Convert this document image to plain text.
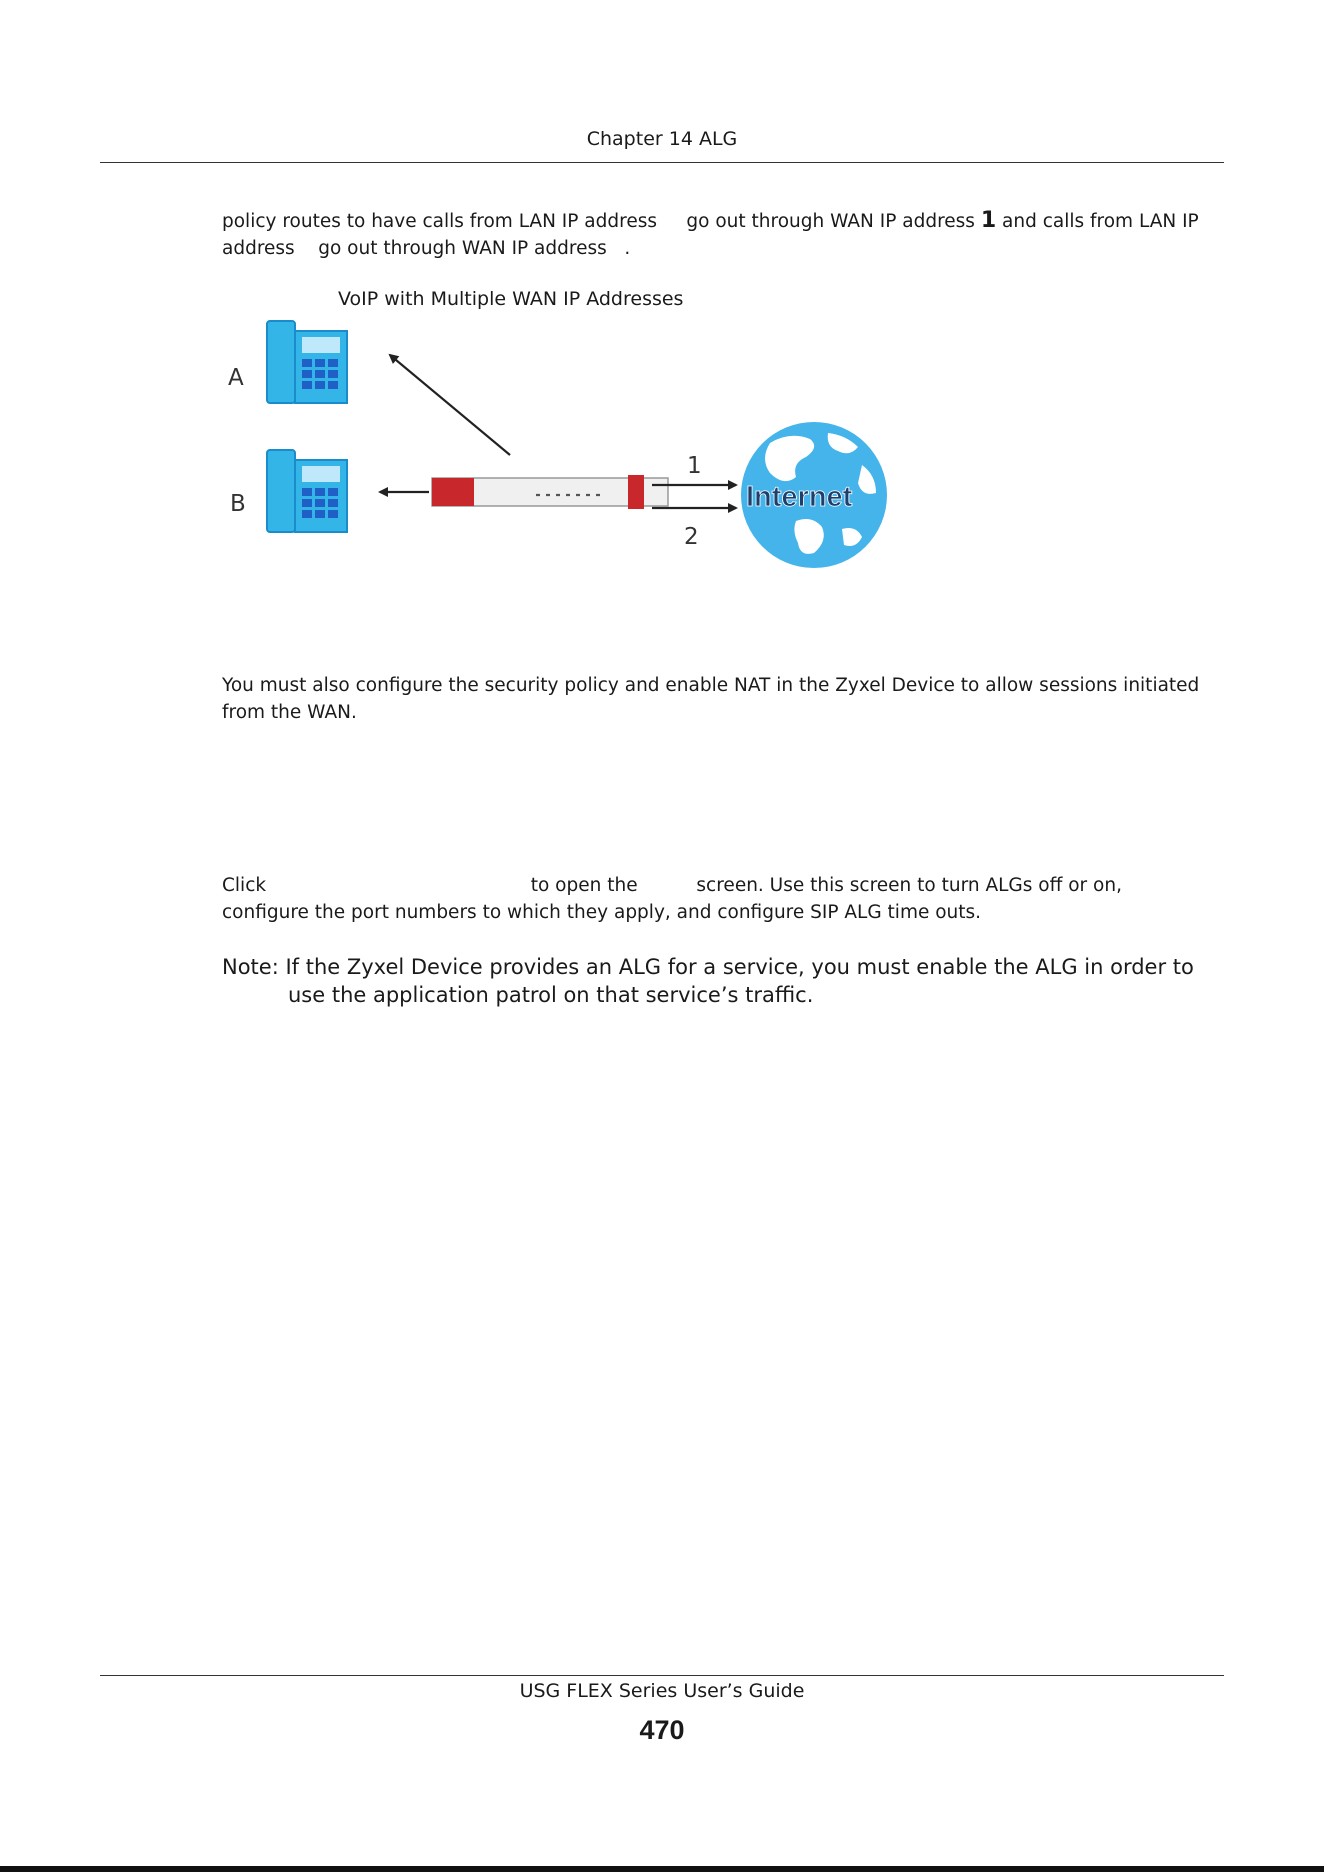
Chapter 14 ALG
policy routes to have calls from LAN IP address go out through WAN IP address 1 and calls from LAN IP
address go out through WAN IP address .
VoIP with Multiple WAN IP Addresses
A
B
1
2
Internet
You must also configure the security policy and enable NAT in the Zyxel Device to allow sessions initiated
from the WAN.
Click	to open the	screen. Use this screen to turn ALGs off or on,
configure the port numbers to which they apply, and configure SIP ALG time outs.
Note: If the Zyxel Device provides an ALG for a service, you must enable the ALG in order to
use the application patrol on that service’s traffic.
USG FLEX Series User’s Guide
470
